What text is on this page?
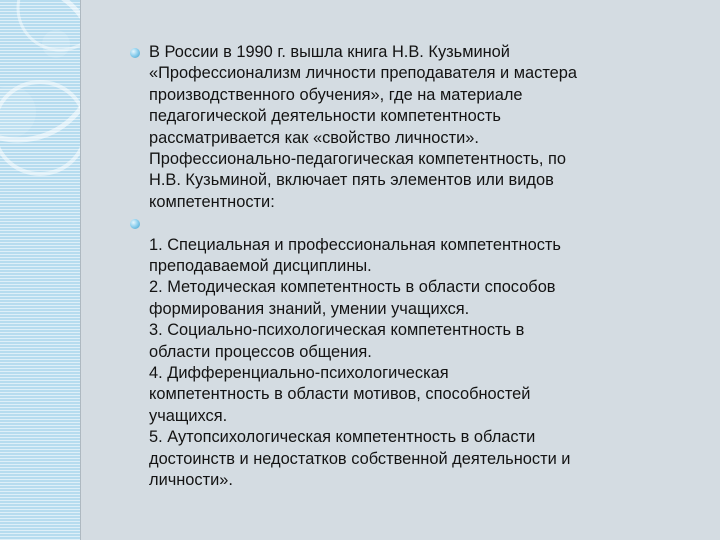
В России в 1990 г. вышла книга Н.В. Кузьминой
«Профессионализм личности преподавателя и мастера
производственного обучения», где на материале
педагогической деятельности компетентность
рассматривается как «свойство личности».
Профессионально-педагогическая компетентность, по
Н.В. Кузьминой, включает пять элементов или видов
компетентности:
1. Специальная и профессиональная компетентность
преподаваемой дисциплины.
2. Методическая компетентность в области способов
формирования знаний, умении учащихся.
3. Социально-психологическая компетентность в
области процессов общения.
4. Дифференциально-психологическая
компетентность в области мотивов, способностей
учащихся.
5. Аутопсихологическая компетентность в области
достоинств и недостатков собственной деятельности и
личности».
